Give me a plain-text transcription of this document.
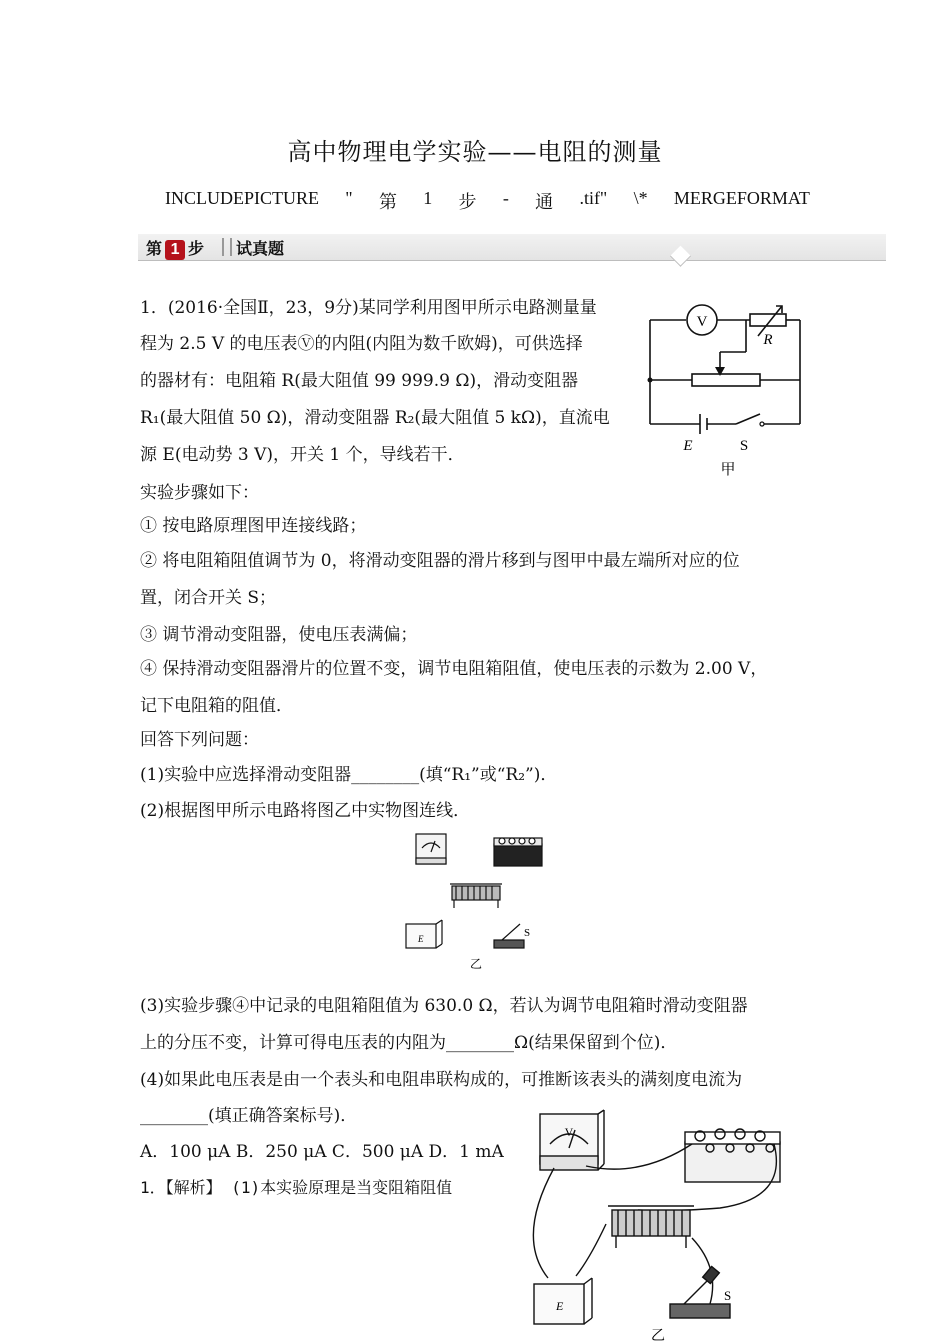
高中物理电学实验——电阻的测量
INCLUDEPICTURE " 第 1 步 - 通 .tif" \* MERGEFORMAT
第 1 步 试真题
1．(2016·全国Ⅱ，23，9分)某同学利用图甲所示电路测量量
程为 2.5 V 的电压表Ⓥ的内阻(内阻为数千欧姆)，可供选择
的器材有：电阻箱 R(最大阻值 99 999.9 Ω)，滑动变阻器
R₁(最大阻值 50 Ω)，滑动变阻器 R₂(最大阻值 5 kΩ)，直流电
源 E(电动势 3 V)，开关 1 个，导线若干．
V
R
E	S
甲
实验步骤如下：
① 按电路原理图甲连接线路；
② 将电阻箱阻值调节为 0，将滑动变阻器的滑片移到与图甲中最左端所对应的位
置，闭合开关 S；
③ 调节滑动变阻器，使电压表满偏；
④ 保持滑动变阻器滑片的位置不变，调节电阻箱阻值，使电压表的示数为 2.00 V，
记下电阻箱的阻值．
回答下列问题：
(1)实验中应选择滑动变阻器________(填“R₁”或“R₂”)．
(2)根据图甲所示电路将图乙中实物图连线．
E	S
乙
(3)实验步骤④中记录的电阻箱阻值为 630.0 Ω，若认为调节电阻箱时滑动变阻器
上的分压不变，计算可得电压表的内阻为________Ω(结果保留到个位)．
(4)如果此电压表是由一个表头和电阻串联构成的，可推断该表头的满刻度电流为
________(填正确答案标号)．
A．100 μA B．250 μA C．500 μA D．1 mA
1．【解析】 (1)本实验原理是当变阻箱阻值
V
E
S
乙
